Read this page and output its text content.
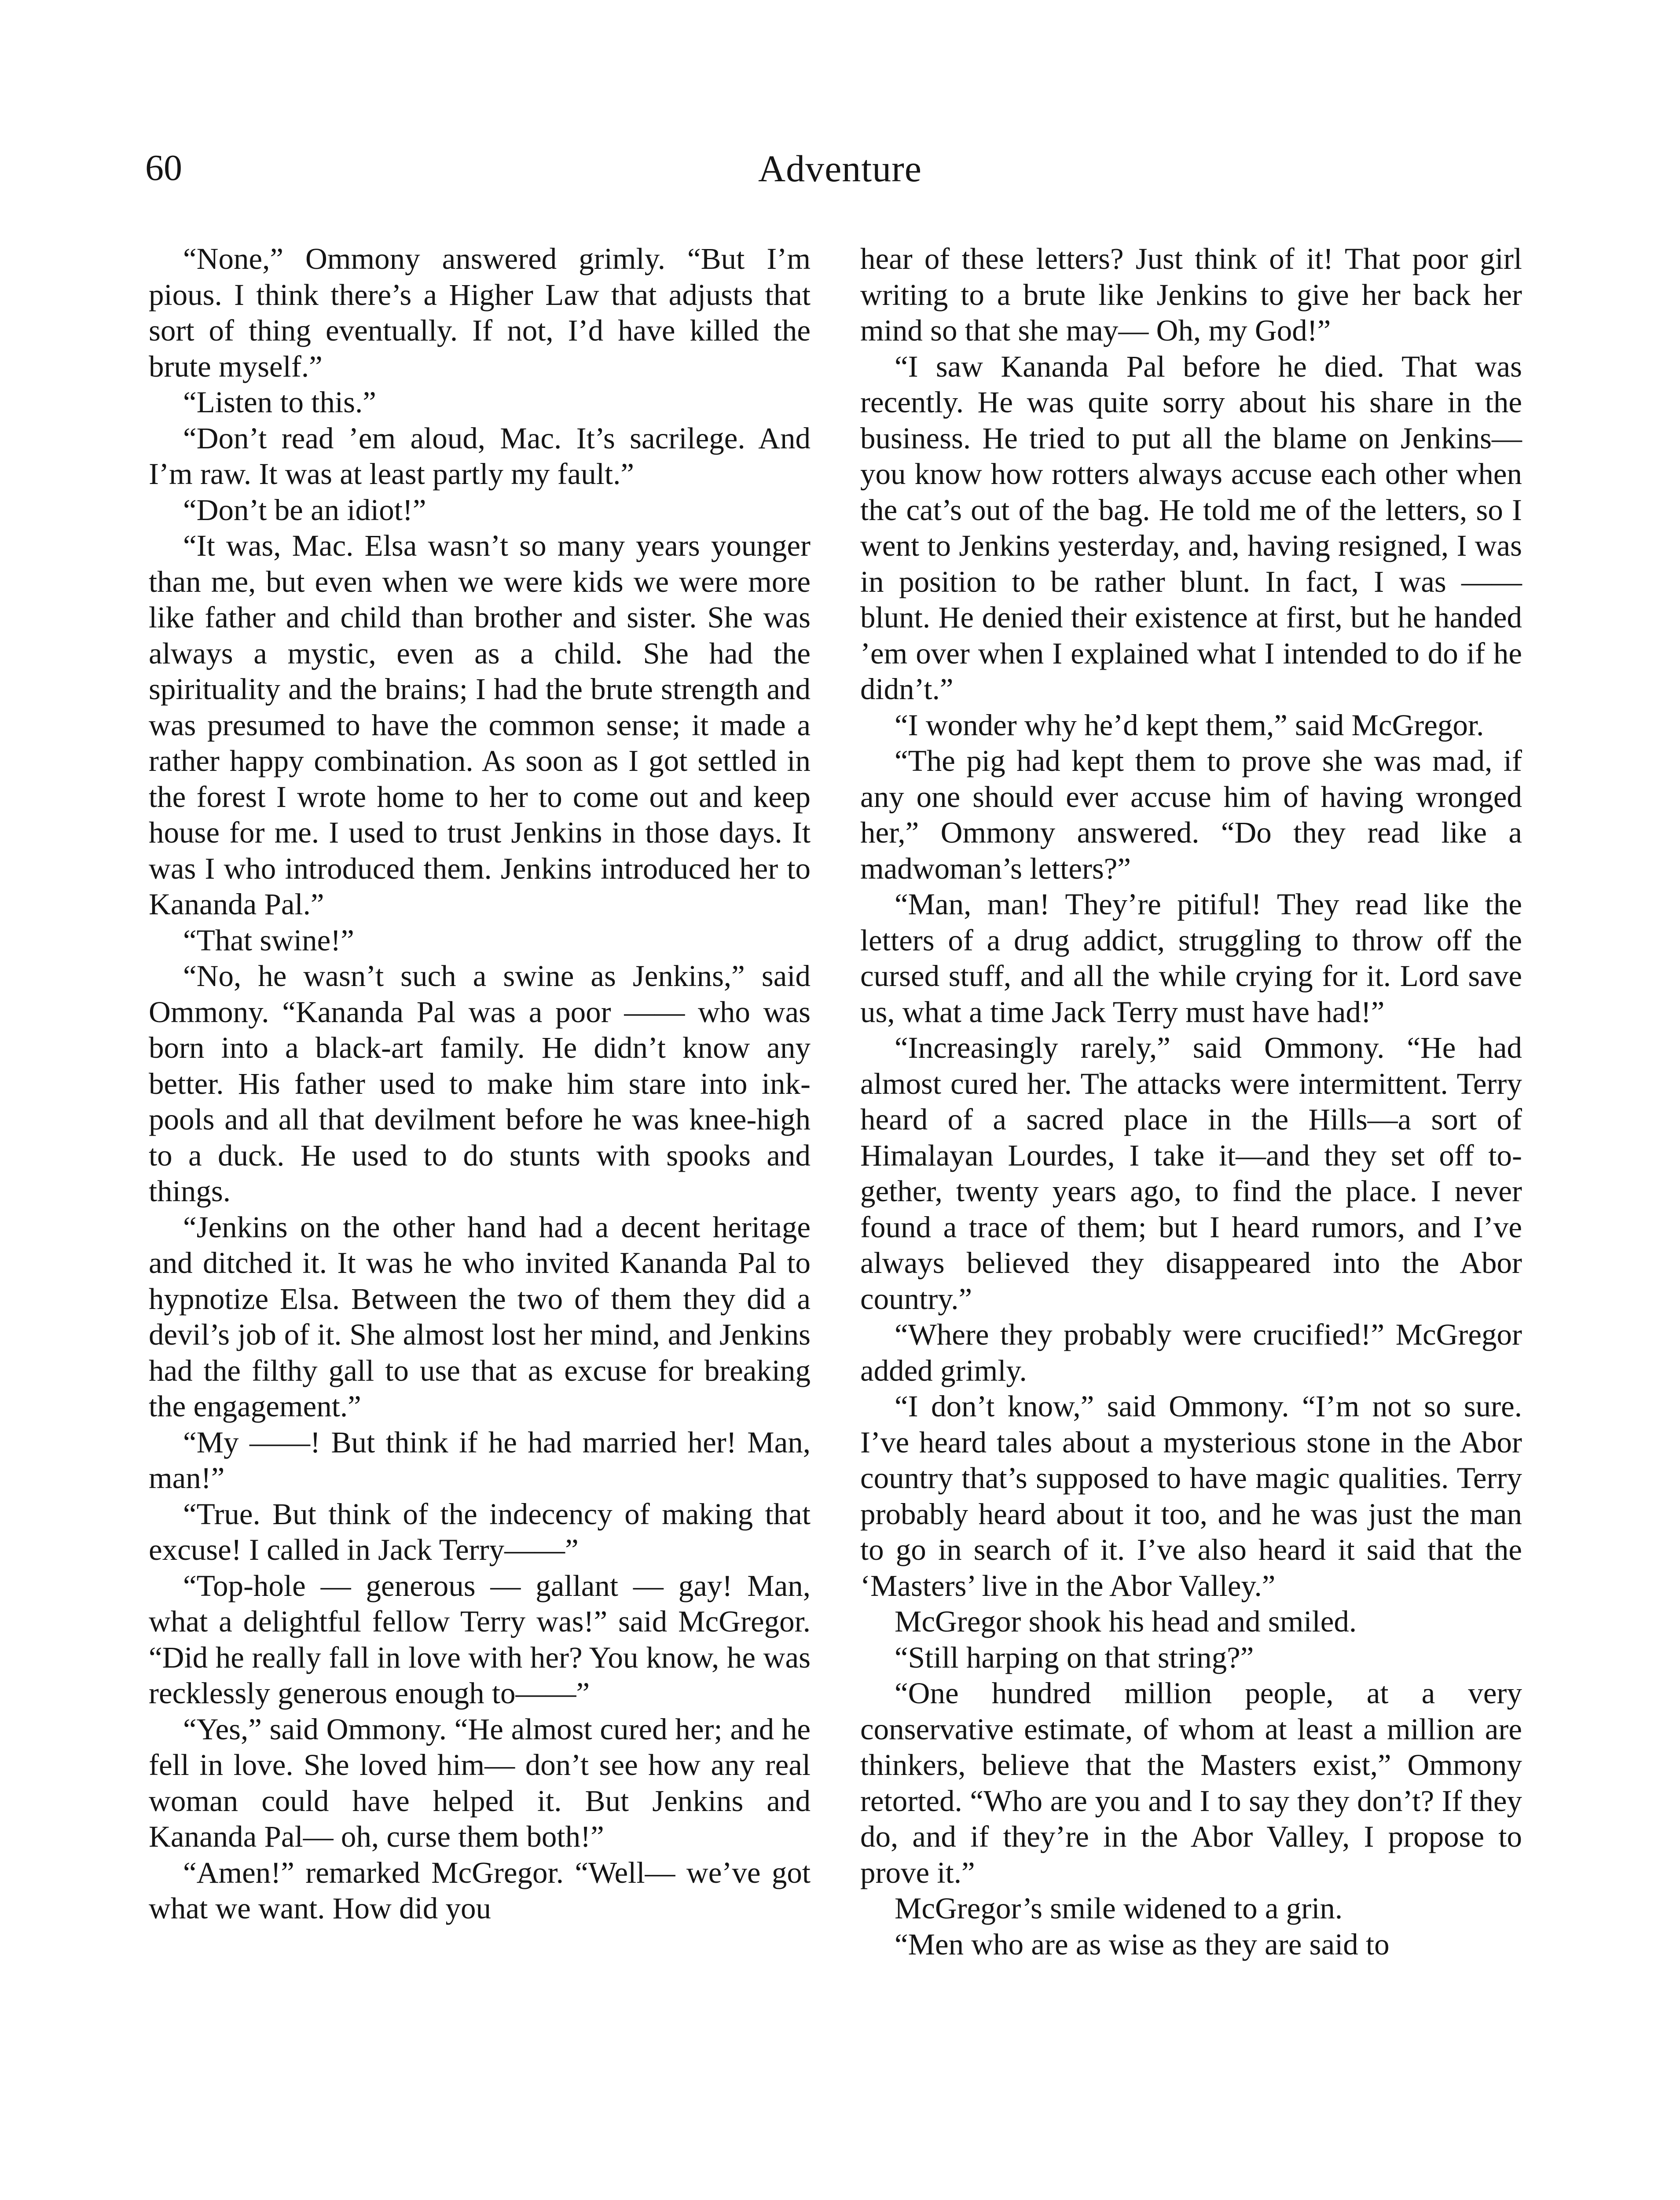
60	Adventure

“None,” Ommony answered grimly. “But I’m pious. I think there’s a Higher Law that adjusts that sort of thing eventually. If not, I’d have killed the brute myself.”

“Listen to this.”

“Don’t read ’em aloud, Mac. It’s sacrilege. And I’m raw. It was at least partly my fault.”

“Don’t be an idiot!”

“It was, Mac. Elsa wasn’t so many years younger than me, but even when we were kids we were more like father and child than brother and sister. She was always a mystic, even as a child. She had the spirituality and the brains; I had the brute strength and was presumed to have the common sense; it made a rather happy combination. As soon as I got settled in the forest I wrote home to her to come out and keep house for me. I used to trust Jenkins in those days. It was I who introduced them. Jenkins introduced her to Kananda Pal.”

“That swine!”

“No, he wasn’t such a swine as Jenkins,” said Ommony. “Kananda Pal was a poor —— who was born into a black-art family. He didn’t know any better. His father used to make him stare into ink-pools and all that devilment before he was knee-high to a duck. He used to do stunts with spooks and things.

“Jenkins on the other hand had a decent heritage and ditched it. It was he who invited Kananda Pal to hypnotize Elsa. Between the two of them they did a devil’s job of it. She almost lost her mind, and Jenkins had the filthy gall to use that as excuse for breaking the engagement.”

“My ——! But think if he had married her! Man, man!”

“True. But think of the indecency of making that excuse! I called in Jack Terry——”

“Top-hole — generous — gallant — gay! Man, what a delightful fellow Terry was!” said McGregor. “Did he really fall in love with her? You know, he was recklessly generous enough to——”

“Yes,” said Ommony. “He almost cured her; and he fell in love. She loved him— don’t see how any real woman could have helped it. But Jenkins and Kananda Pal— oh, curse them both!”

“Amen!” remarked McGregor. “Well— we’ve got what we want. How did you

hear of these letters? Just think of it! That poor girl writing to a brute like Jenkins to give her back her mind so that she may— Oh, my God!”

“I saw Kananda Pal before he died. That was recently. He was quite sorry about his share in the business. He tried to put all the blame on Jenkins—you know how rotters always accuse each other when the cat’s out of the bag. He told me of the letters, so I went to Jenkins yesterday, and, having resigned, I was in position to be rather blunt. In fact, I was —— blunt. He denied their existence at first, but he handed ’em over when I explained what I intended to do if he didn’t.”

“I wonder why he’d kept them,” said McGregor.

“The pig had kept them to prove she was mad, if any one should ever accuse him of having wronged her,” Ommony answered. “Do they read like a madwoman’s letters?”

“Man, man! They’re pitiful! They read like the letters of a drug addict, struggling to throw off the cursed stuff, and all the while crying for it. Lord save us, what a time Jack Terry must have had!”

“Increasingly rarely,” said Ommony. “He had almost cured her. The attacks were intermittent. Terry heard of a sacred place in the Hills—a sort of Himalayan Lourdes, I take it—and they set off together, twenty years ago, to find the place. I never found a trace of them; but I heard rumors, and I’ve always believed they disappeared into the Abor country.”

“Where they probably were crucified!” McGregor added grimly.

“I don’t know,” said Ommony. “I’m not so sure. I’ve heard tales about a mysterious stone in the Abor country that’s supposed to have magic qualities. Terry probably heard about it too, and he was just the man to go in search of it. I’ve also heard it said that the ‘Masters’ live in the Abor Valley.”

McGregor shook his head and smiled.

“Still harping on that string?”

“One hundred million people, at a very conservative estimate, of whom at least a million are thinkers, believe that the Masters exist,” Ommony retorted. “Who are you and I to say they don’t? If they do, and if they’re in the Abor Valley, I propose to prove it.”

McGregor’s smile widened to a grin.

“Men who are as wise as they are said to
